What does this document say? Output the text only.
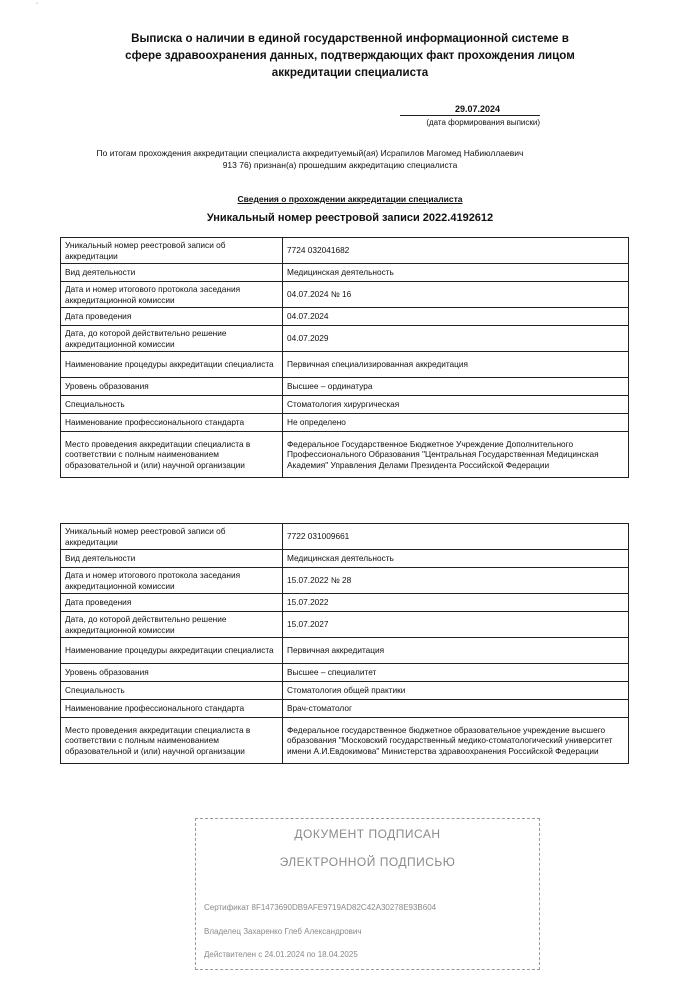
´
Выписка о наличии в единой государственной информационной системе в сфере здравоохранения данных, подтверждающих факт прохождения лицом аккредитации специалиста
29.07.2024
(дата формирования выписки)
По итогам прохождения аккредитации специалиста аккредитуемый(ая) Исрапилов Магомед Набиюллаевич
913 76) признан(а) прошедшим аккредитацию специалиста
Сведения о прохождении аккредитации специалиста
Уникальный номер реестровой записи 2022.4192612
Уникальный номер реестровой записи об аккредитации	7724 032041682
Вид деятельности	Медицинская деятельность
Дата и номер итогового протокола заседания аккредитационной комиссии	04.07.2024 № 16
Дата проведения	04.07.2024
Дата, до которой действительно решение аккредитационной комиссии	04.07.2029
Наименование процедуры аккредитации специалиста	Первичная специализированная аккредитация
Уровень образования	Высшее – ординатура
Специальность	Стоматология хирургическая
Наименование профессионального стандарта	Не определено
Место проведения аккредитации специалиста в соответствии с полным наименованием образовательной и (или) научной организации	Федеральное Государственное Бюджетное Учреждение Дополнительного Профессионального Образования "Центральная Государственная Медицинская Академия" Управления Делами Президента Российской Федерации
Уникальный номер реестровой записи об аккредитации	7722 031009661
Вид деятельности	Медицинская деятельность
Дата и номер итогового протокола заседания аккредитационной комиссии	15.07.2022 № 28
Дата проведения	15.07.2022
Дата, до которой действительно решение аккредитационной комиссии	15.07.2027
Наименование процедуры аккредитации специалиста	Первичная аккредитация
Уровень образования	Высшее – специалитет
Специальность	Стоматология общей практики
Наименование профессионального стандарта	Врач-стоматолог
Место проведения аккредитации специалиста в соответствии с полным наименованием образовательной и (или) научной организации	Федеральное государственное бюджетное образовательное учреждение высшего образования "Московский государственный медико-стоматологический университет имени А.И.Евдокимова" Министерства здравоохранения Российской Федерации
ДОКУМЕНТ ПОДПИСАН
ЭЛЕКТРОННОЙ ПОДПИСЬЮ
Сертификат 8F1473690DB9AFE9719AD82C42A30278E93B604
Владелец Захаренко Глеб Александрович
Действителен с 24.01.2024 по 18.04.2025
